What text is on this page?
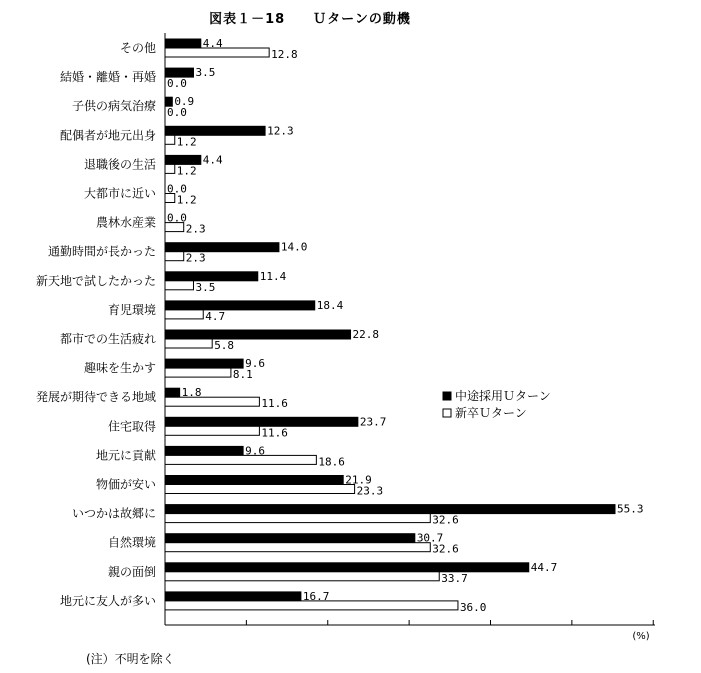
図表１－18　　Ｕターンの動機
(%)
その他
結婚・離婚・再婚
子供の病気治療
配偶者が地元出身
退職後の生活
大都市に近い
農林水産業
通勤時間が長かった
新天地で試したかった
育児環境
都市での生活疲れ
趣味を生かす
発展が期待できる地域
住宅取得
地元に貢献
物価が安い
いつかは故郷に
自然環境
親の面倒
地元に友人が多い
4.4
12.8
3.5
0.0
0.9
0.0
12.3
1.2
4.4
1.2
0.0
1.2
0.0
2.3
14.0
2.3
11.4
3.5
18.4
4.7
22.8
5.8
9.6
8.1
1.8
11.6
23.7
11.6
9.6
18.6
21.9
23.3
55.3
32.6
30.7
32.6
44.7
33.7
16.7
36.0
中途採用Ｕターン
新卒Ｕターン
(注）不明を除く
